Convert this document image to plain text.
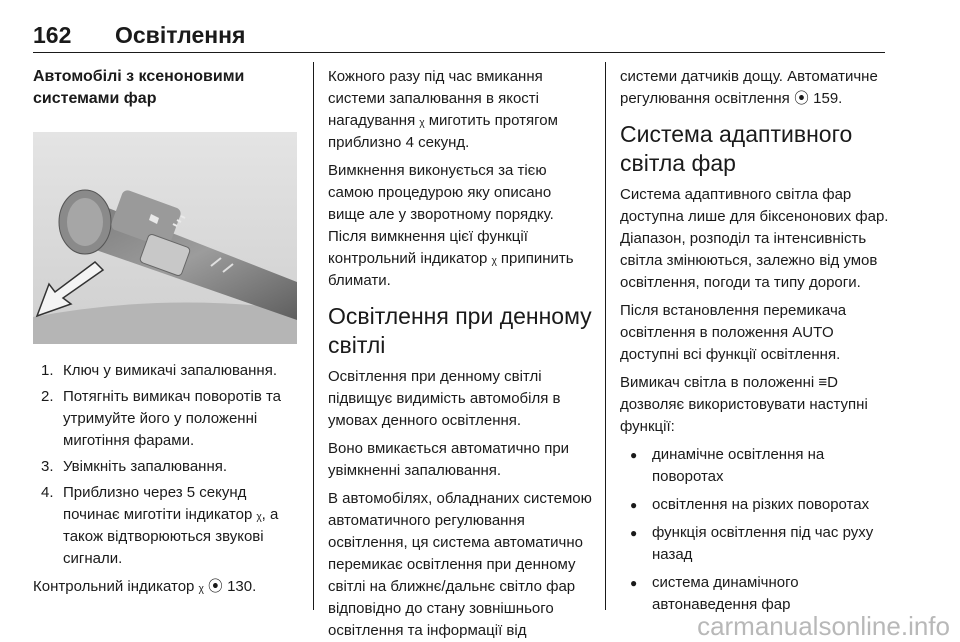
162 Освітлення
Автомобілі з ксеноновими системами фар
1. Ключ у вимикачі запалювання.
2. Потягніть вимикач поворотів та утримуйте його у положенні миготіння фарами.
3. Увімкніть запалювання.
4. Приблизно через 5 секунд починає миготіти індикатор ᵪ, а також відтворюються звукові сигнали.

Контрольний індикатор ᵪ ⦿ 130.

Кожного разу під час вмикання системи запалювання в якості нагадування ᵪ миготить протягом приблизно 4 секунд.

Вимкнення виконується за тією самою процедурою яку описано вище але у зворотному порядку. Після вимкнення цієї функції контрольний індикатор ᵪ припинить блимати.

Освітлення при денному світлі

Освітлення при денному світлі підвищує видимість автомобіля в умовах денного освітлення.

Воно вмикається автоматично при увімкненні запалювання.

В автомобілях, обладнаних системою автоматичного регулювання освітлення, ця система автоматично перемикає освітлення при денному світлі на ближнє/дальнє світло фар відповідно до стану зовнішнього освітлення та інформації від

системи датчиків дощу. Автоматичне регулювання освітлення ⦿ 159.

Система адаптивного світла фар

Система адаптивного світла фар доступна лише для біксенонових фар. Діапазон, розподіл та інтенсивність світла змінюються, залежно від умов освітлення, погоди та типу дороги.

Після встановлення перемикача освітлення в положення AUTO доступні всі функції освітлення.

Вимикач світла в положенні ≡D дозволяє використовувати наступні функції:

● динамічне освітлення на поворотах
● освітлення на різких поворотах
● функція освітлення під час руху назад
● система динамічного автонаведення фар
carmanualsonline.info
